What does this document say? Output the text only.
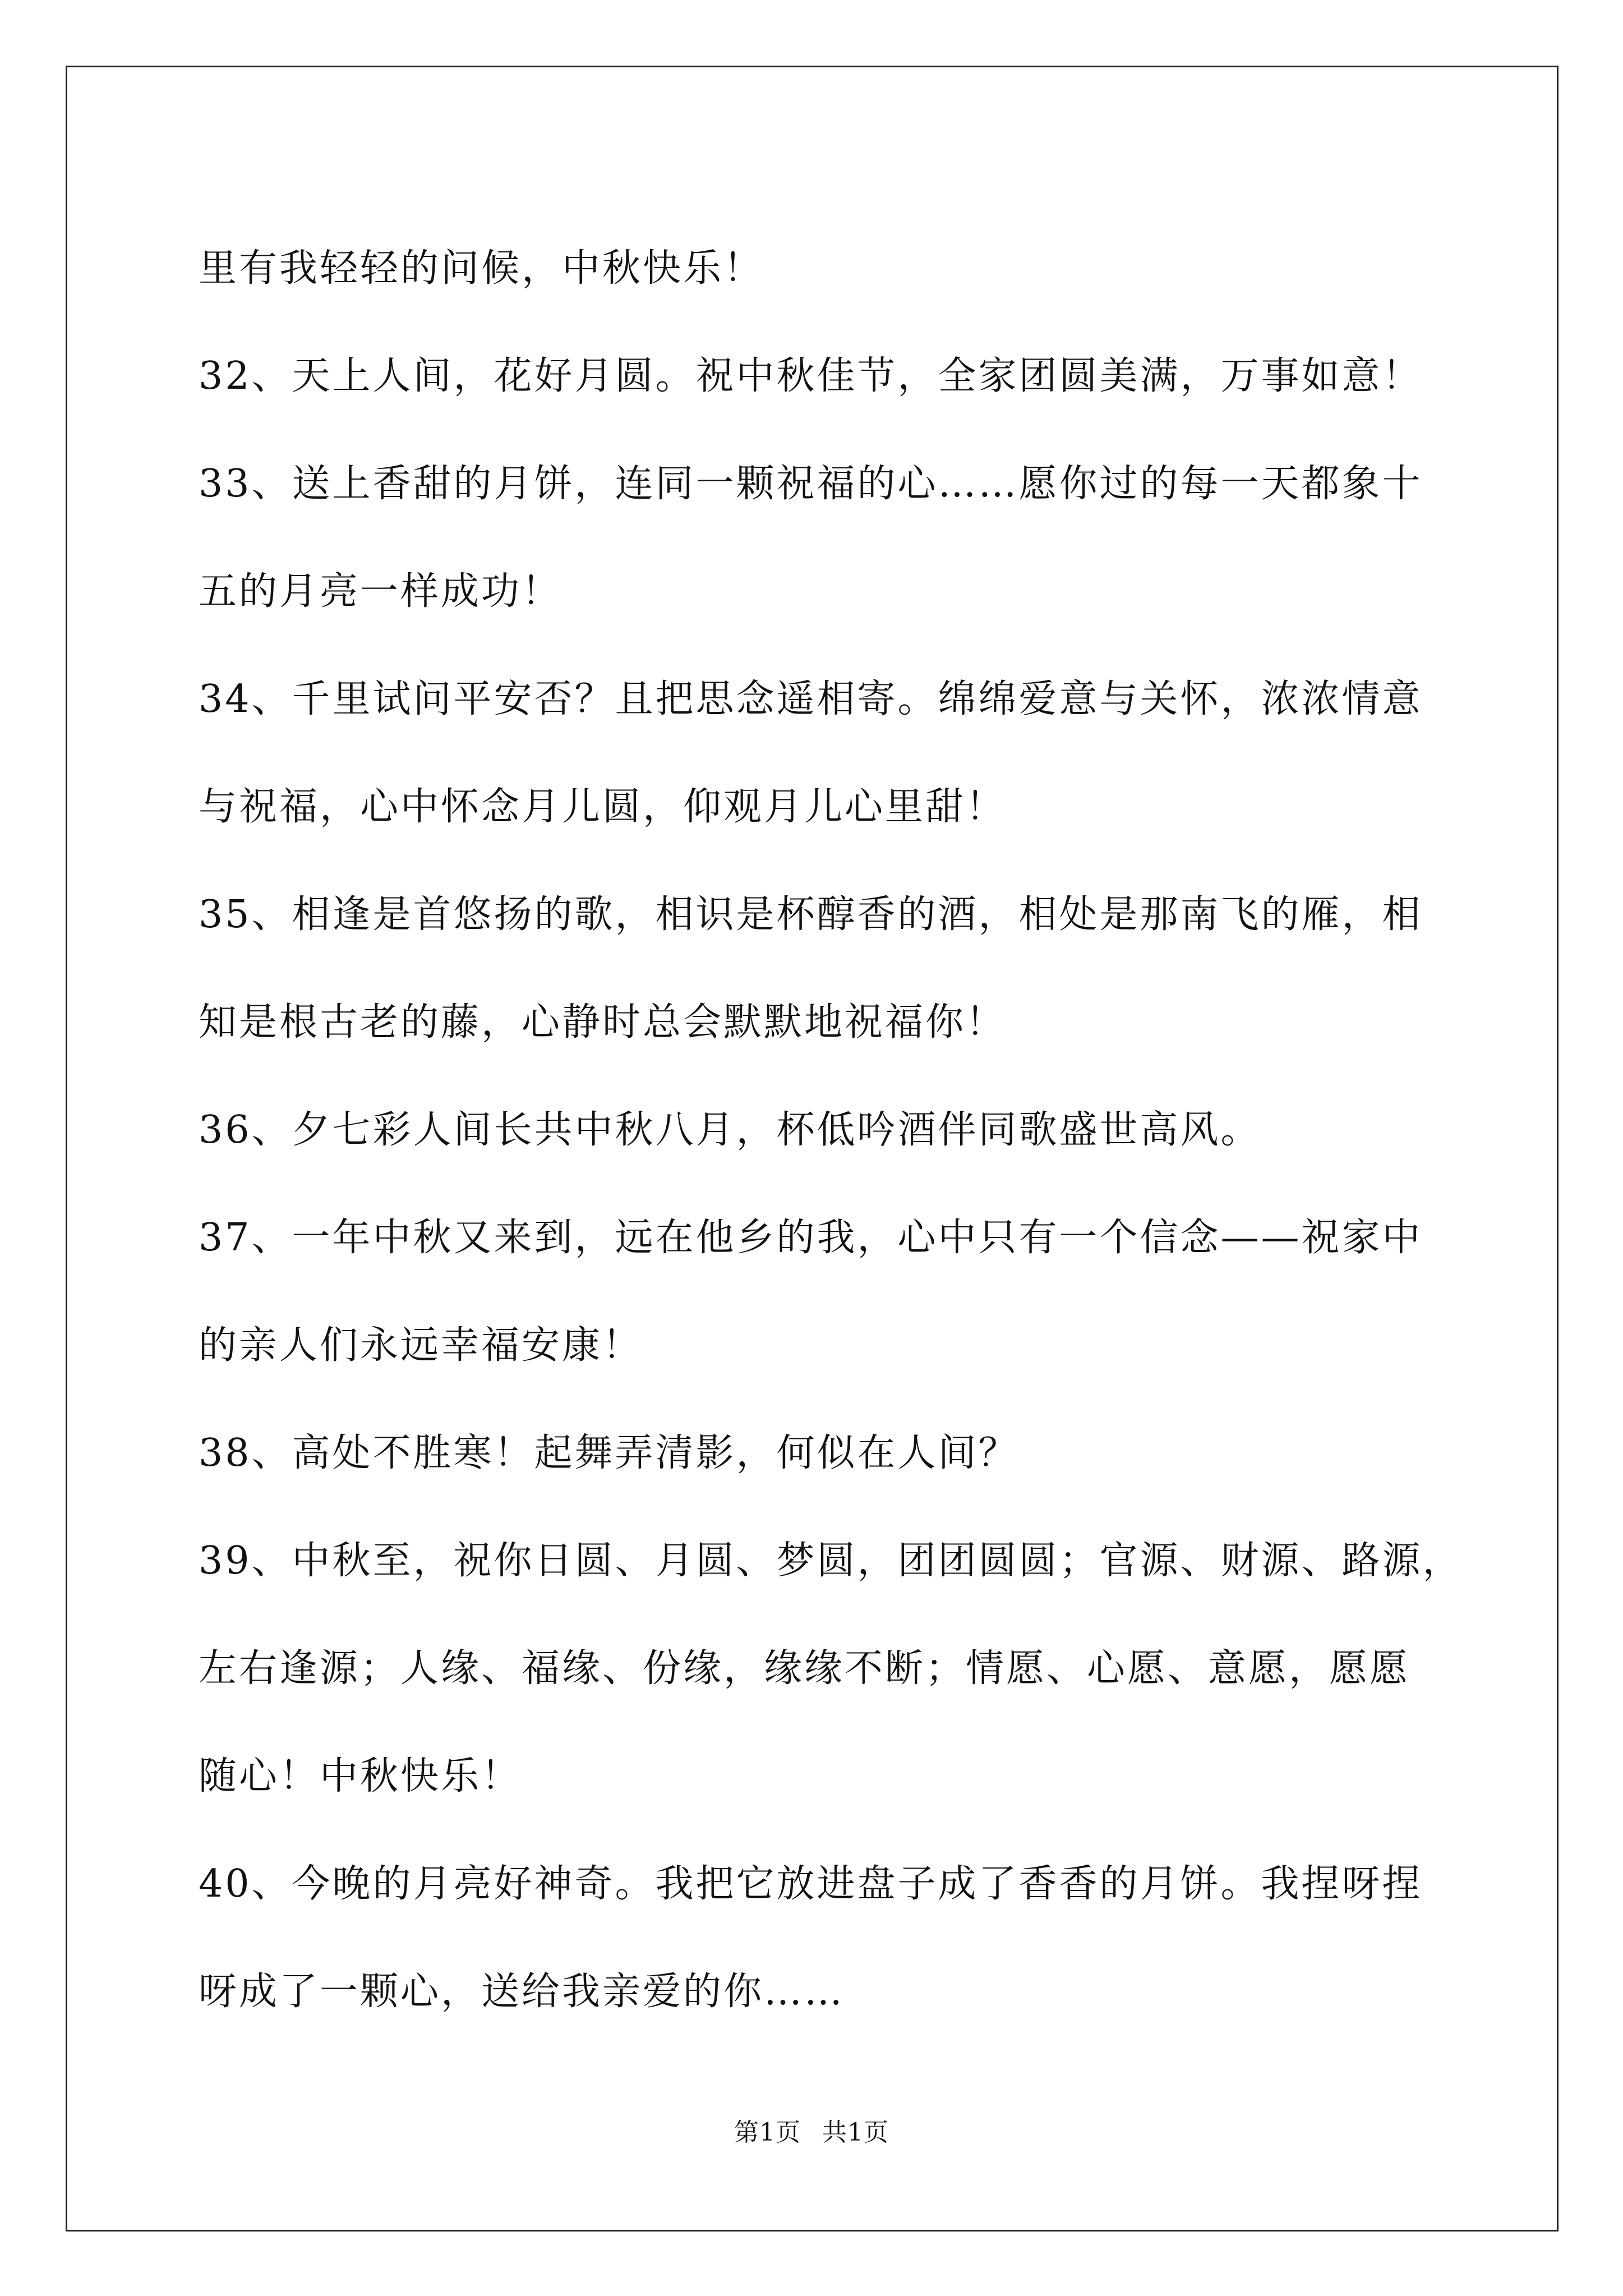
里有我轻轻的问候，中秋快乐！

32、天上人间，花好月圆。祝中秋佳节，全家团圆美满，万事如意！

33、送上香甜的月饼，连同一颗祝福的心……愿你过的每一天都象十

五的月亮一样成功！

34、千里试问平安否？且把思念遥相寄。绵绵爱意与关怀，浓浓情意

与祝福，心中怀念月儿圆，仰观月儿心里甜！

35、相逢是首悠扬的歌，相识是杯醇香的酒，相处是那南飞的雁，相

知是根古老的藤，心静时总会默默地祝福你！

36、夕七彩人间长共中秋八月，杯低吟酒伴同歌盛世高风。

37、一年中秋又来到，远在他乡的我，心中只有一个信念——祝家中

的亲人们永远幸福安康！

38、高处不胜寒！起舞弄清影，何似在人间？

39、中秋至，祝你日圆、月圆、梦圆，团团圆圆；官源、财源、路源，

左右逢源；人缘、福缘、份缘，缘缘不断；情愿、心愿、意愿，愿愿

随心！中秋快乐！

40、今晚的月亮好神奇。我把它放进盘子成了香香的月饼。我捏呀捏

呀成了一颗心，送给我亲爱的你……

第1页 共1页
